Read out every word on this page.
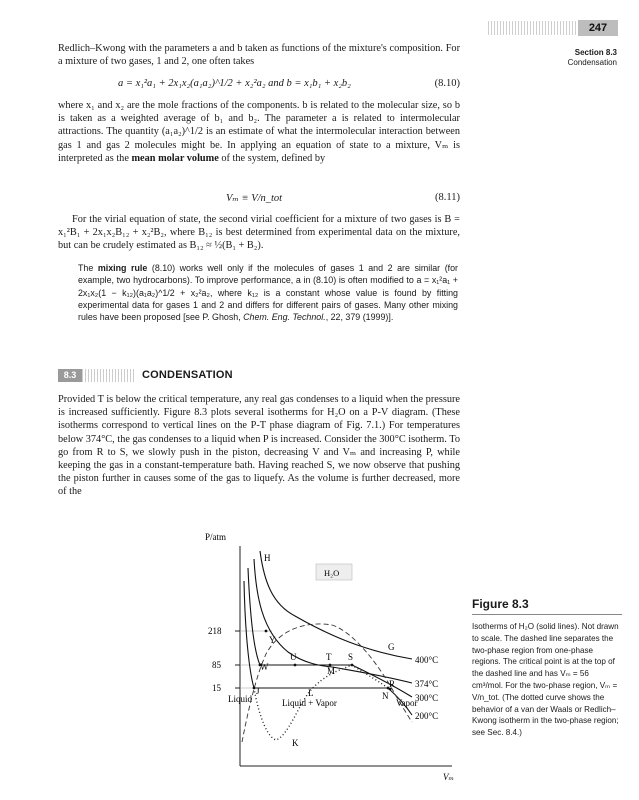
247
Section 8.3
Condensation

Redlich–Kwong with the parameters a and b taken as functions of the mixture's composition. For a mixture of two gases, 1 and 2, one often takes

a = x₁²a₁ + 2x₁x₂(a₁a₂)^1/2 + x₂²a₂ and b = x₁b₁ + x₂b₂	(8.10)

where x₁ and x₂ are the mole fractions of the components. b is related to the molecular size, so b is taken as a weighted average of b₁ and b₂. The parameter a is related to intermolecular attractions. The quantity (a₁a₂)^1/2 is an estimate of what the intermolecular interaction between gas 1 and gas 2 molecules might be. In applying an equation of state to a mixture, Vₘ is interpreted as the mean molar volume of the system, defined by

Vₘ ≡ V/n_tot	(8.11)

For the virial equation of state, the second virial coefficient for a mixture of two gases is B = x₁²B₁ + 2x₁x₂B₁₂ + x₂²B₂, where B₁₂ is best determined from experimental data on the mixture, but can be crudely estimated as B₁₂ ≈ ½(B₁ + B₂).

The mixing rule (8.10) works well only if the molecules of gases 1 and 2 are similar (for example, two hydrocarbons). To improve performance, a in (8.10) is often modified to a = x₁²a₁ + 2x₁x₂(1 − k₁₂)(a₁a₂)^1/2 + x₂²a₂, where k₁₂ is a constant whose value is found by fitting experimental data for gases 1 and 2 and differs for different pairs of gases. Many other mixing rules have been proposed [see P. Ghosh, Chem. Eng. Technol., 22, 379 (1999)].

8.3	CONDENSATION

Provided T is below the critical temperature, any real gas condenses to a liquid when the pressure is increased sufficiently. Figure 8.3 plots several isotherms for H₂O on a P-V diagram. (These isotherms correspond to vertical lines on the P-T phase diagram of Fig. 7.1.) For temperatures below 374°C, the gas condenses to a liquid when P is increased. Consider the 300°C isotherm. To go from R to S, we slowly push in the piston, decreasing V and Vₘ and increasing P, while keeping the gas in a constant-temperature bath. Having reached S, we now observe that pushing the piston further in causes some of the gas to liquefy. As the volume is further decreased, more of the

P/atm
Vₘ
218
85
15
H₂O
H
Y
W
U	T S
G
M
R
J	L	N
K
400°C
374°C
300°C
200°C
Liquid	Liquid + Vapor	Vapor
Figure 8.3

Isotherms of H₂O (solid lines). Not drawn to scale. The dashed line separates the two-phase region from one-phase regions. The critical point is at the top of the dashed line and has Vₘ = 56 cm³/mol. For the two-phase region, Vₘ = V/n_tot. (The dotted curve shows the behavior of a van der Waals or Redlich–Kwong isotherm in the two-phase region; see Sec. 8.4.)
